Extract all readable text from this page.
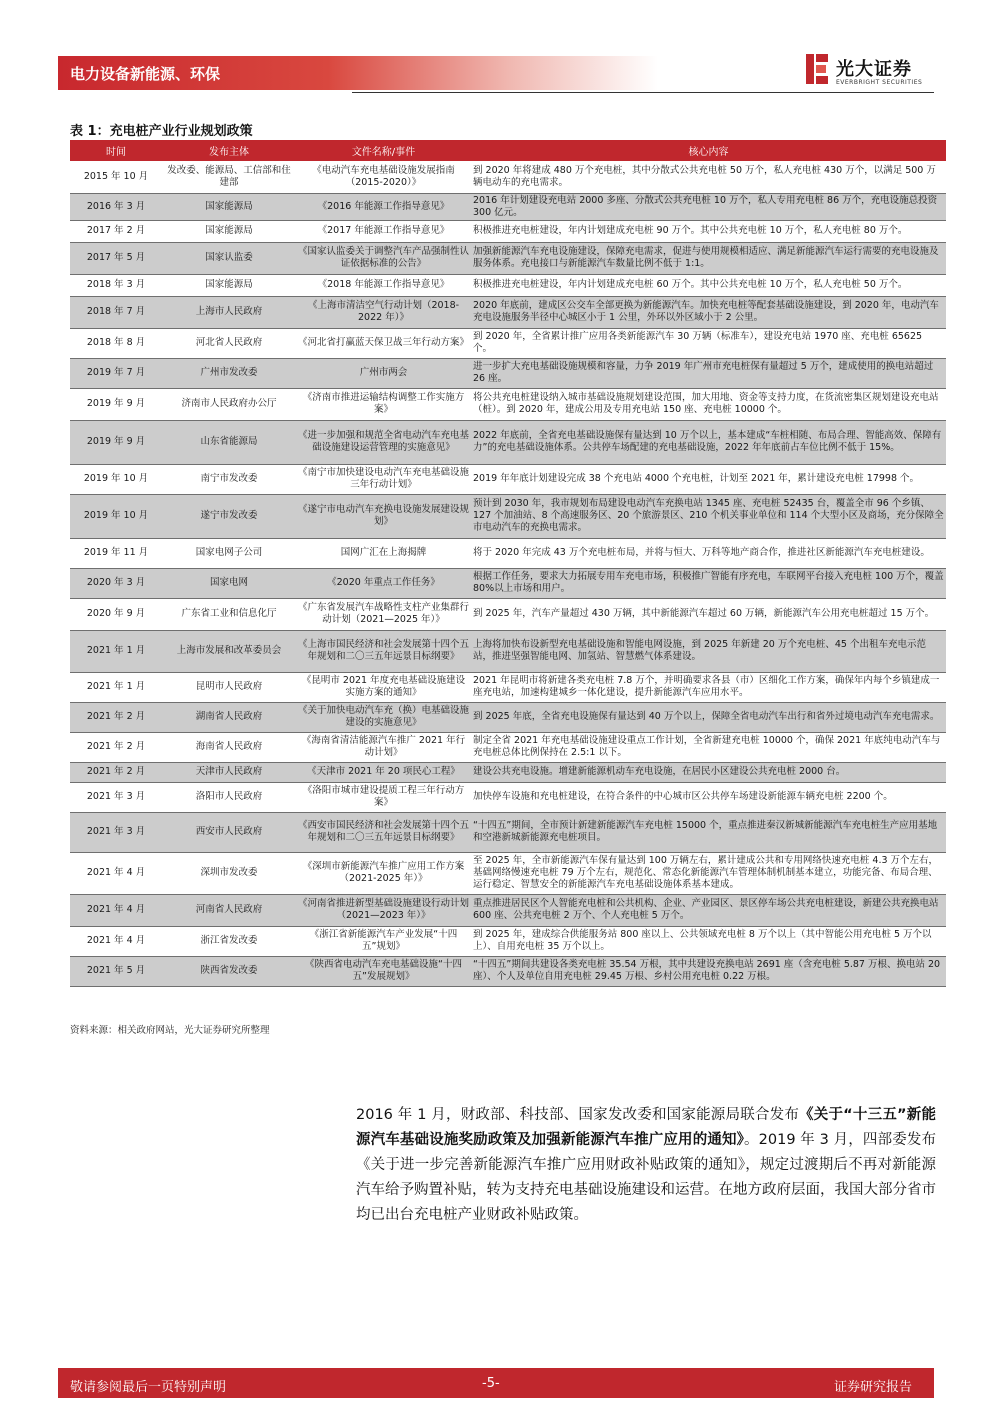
电力设备新能源、环保	光大证券
EVERBRIGHT SECURITIES
表 1：充电桩产业行业规划政策
时间	发布主体	文件名称/事件	核心内容
2015 年 10 月	发改委、能源局、工信部和住建部	《电动汽车充电基础设施发展指南（2015-2020）》	到 2020 年将建成 480 万个充电桩，其中分散式公共充电桩 50 万个，私人充电桩 430 万个，以满足 500 万辆电动车的充电需求。
2016 年 3 月	国家能源局	《2016 年能源工作指导意见》	2016 年计划建设充电站 2000 多座、分散式公共充电桩 10 万个，私人专用充电桩 86 万个，充电设施总投资 300 亿元。
2017 年 2 月	国家能源局	《2017 年能源工作指导意见》	积极推进充电桩建设，年内计划建成充电桩 90 万个。其中公共充电桩 10 万个，私人充电桩 80 万个。
2017 年 5 月	国家认监委	《国家认监委关于调整汽车产品强制性认证依据标准的公告》	加强新能源汽车充电设施建设，保障充电需求，促进与使用规模相适应、满足新能源汽车运行需要的充电设施及服务体系。充电接口与新能源汽车数量比例不低于 1:1。
2018 年 3 月	国家能源局	《2018 年能源工作指导意见》	积极推进充电桩建设，年内计划建成充电桩 60 万个。其中公共充电桩 10 万个，私人充电桩 50 万个。
2018 年 7 月	上海市人民政府	《上海市清洁空气行动计划（2018-2022 年）》	2020 年底前，建成区公交车全部更换为新能源汽车。加快充电桩等配套基础设施建设，到 2020 年，电动汽车充电设施服务半径中心城区小于 1 公里，外环以外区域小于 2 公里。
2018 年 8 月	河北省人民政府	《河北省打赢蓝天保卫战三年行动方案》	到 2020 年，全省累计推广应用各类新能源汽车 30 万辆（标准车），建设充电站 1970 座、充电桩 65625 个。
2019 年 7 月	广州市发改委	广州市两会	进一步扩大充电基础设施规模和容量，力争 2019 年广州市充电桩保有量超过 5 万个，建成使用的换电站超过 26 座。
2019 年 9 月	济南市人民政府办公厅	《济南市推进运输结构调整工作实施方案》	将公共充电桩建设纳入城市基础设施规划建设范围，加大用地、资金等支持力度，在货流密集区规划建设充电站（桩）。到 2020 年，建成公用及专用充电站 150 座、充电桩 10000 个。
2019 年 9 月	山东省能源局	《进一步加强和规范全省电动汽车充电基础设施建设运营管理的实施意见》	2022 年底前，全省充电基础设施保有量达到 10 万个以上，基本建成“车桩相随、布局合理、智能高效、保障有力”的充电基础设施体系。公共停车场配建的充电基础设施，2022 年年底前占车位比例不低于 15%。
2019 年 10 月	南宁市发改委	《南宁市加快建设电动汽车充电基础设施三年行动计划》	2019 年年底计划建设完成 38 个充电站 4000 个充电桩，计划至 2021 年，累计建设充电桩 17998 个。
2019 年 10 月	遂宁市发改委	《遂宁市电动汽车充换电设施发展建设规划》	预计到 2030 年，我市规划布局建设电动汽车充换电站 1345 座、充电桩 52435 台，覆盖全市 96 个乡镇、127 个加油站、8 个高速服务区、20 个旅游景区、210 个机关事业单位和 114 个大型小区及商场，充分保障全市电动汽车的充换电需求。
2019 年 11 月	国家电网子公司	国网广汇在上海揭牌	将于 2020 年完成 43 万个充电桩布局，并将与恒大、万科等地产商合作，推进社区新能源汽车充电桩建设。
2020 年 3 月	国家电网	《2020 年重点工作任务》	根据工作任务，要求大力拓展专用车充电市场，积极推广智能有序充电，车联网平台接入充电桩 100 万个，覆盖 80%以上市场和用户。
2020 年 9 月	广东省工业和信息化厅	《广东省发展汽车战略性支柱产业集群行动计划（2021—2025 年）》	到 2025 年，汽车产量超过 430 万辆，其中新能源汽车超过 60 万辆，新能源汽车公用充电桩超过 15 万个。
2021 年 1 月	上海市发展和改革委员会	《上海市国民经济和社会发展第十四个五年规划和二〇三五年远景目标纲要》	上海将加快布设新型充电基础设施和智能电网设施，到 2025 年新建 20 万个充电桩、45 个出租车充电示范站，推进坚强智能电网、加氢站、智慧燃气体系建设。
2021 年 1 月	昆明市人民政府	《昆明市 2021 年度充电基础设施建设实施方案的通知》	2021 年昆明市将新建各类充电桩 7.8 万个，并明确要求各县（市）区细化工作方案，确保年内每个乡镇建成一座充电站，加速构建城乡一体化建设，提升新能源汽车应用水平。
2021 年 2 月	湖南省人民政府	《关于加快电动汽车充（换）电基础设施建设的实施意见》	到 2025 年底，全省充电设施保有量达到 40 万个以上，保障全省电动汽车出行和省外过境电动汽车充电需求。
2021 年 2 月	海南省人民政府	《海南省清洁能源汽车推广 2021 年行动计划》	制定全省 2021 年充电基础设施建设重点工作计划，全省新建充电桩 10000 个，确保 2021 年底纯电动汽车与充电桩总体比例保持在 2.5:1 以下。
2021 年 2 月	天津市人民政府	《天津市 2021 年 20 项民心工程》	建设公共充电设施。增建新能源机动车充电设施，在居民小区建设公共充电桩 2000 台。
2021 年 3 月	洛阳市人民政府	《洛阳市城市建设提质工程三年行动方案》	加快停车设施和充电桩建设，在符合条件的中心城市区公共停车场建设新能源车辆充电桩 2200 个。
2021 年 3 月	西安市人民政府	《西安市国民经济和社会发展第十四个五年规划和二〇三五年远景目标纲要》	“十四五”期间，全市预计新建新能源汽车充电桩 15000 个，重点推进秦汉新城新能源汽车充电桩生产应用基地和空港新城新能源充电桩项目。
2021 年 4 月	深圳市发改委	《深圳市新能源汽车推广应用工作方案（2021-2025 年）》	至 2025 年，全市新能源汽车保有量达到 100 万辆左右，累计建成公共和专用网络快速充电桩 4.3 万个左右，基础网络慢速充电桩 79 万个左右，规范化、常态化新能源汽车管理体制机制基本建立，功能完备、布局合理、运行稳定、智慧安全的新能源汽车充电基础设施体系基本建成。
2021 年 4 月	河南省人民政府	《河南省推进新型基础设施建设行动计划（2021—2023 年）》	重点推进居民区个人智能充电桩和公共机构、企业、产业园区、景区停车场公共充电桩建设，新建公共充换电站 600 座、公共充电桩 2 万个、个人充电桩 5 万个。
2021 年 4 月	浙江省发改委	《浙江省新能源汽车产业发展“十四五”规划》	到 2025 年，建成综合供能服务站 800 座以上、公共领域充电桩 8 万个以上（其中智能公用充电桩 5 万个以上）、自用充电桩 35 万个以上。
2021 年 5 月	陕西省发改委	《陕西省电动汽车充电基础设施“十四五”发展规划》	“十四五”期间共建设各类充电桩 35.54 万根，其中共建设充换电站 2691 座（含充电桩 5.87 万根、换电站 20 座）、个人及单位自用充电桩 29.45 万根、乡村公用充电桩 0.22 万根。
资料来源：相关政府网站，光大证券研究所整理
2016 年 1 月，财政部、科技部、国家发改委和国家能源局联合发布《关于“十三五”新能源汽车基础设施奖励政策及加强新能源汽车推广应用的通知》。2019 年 3 月，四部委发布《关于进一步完善新能源汽车推广应用财政补贴政策的通知》，规定过渡期后不再对新能源汽车给予购置补贴，转为支持充电基础设施建设和运营。在地方政府层面，我国大部分省市均已出台充电桩产业财政补贴政策。
敬请参阅最后一页特别声明	-5-	证券研究报告
